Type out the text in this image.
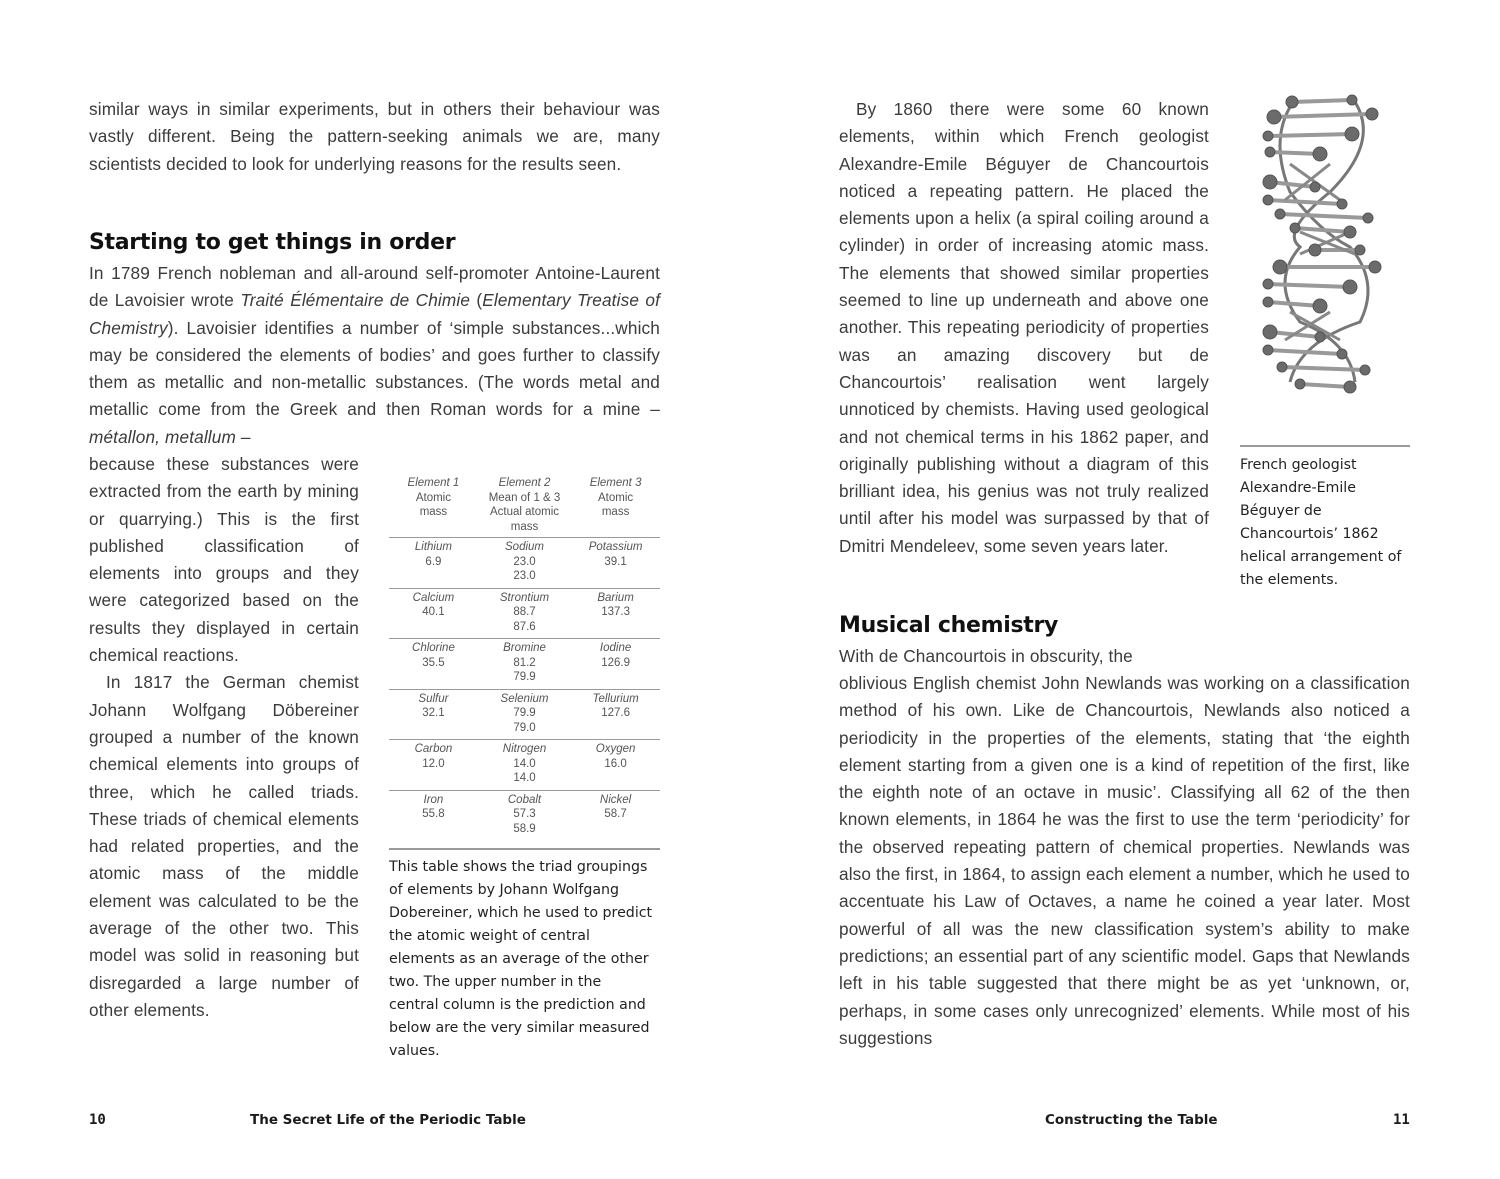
similar ways in similar experiments, but in others their behaviour was vastly different. Being the pattern-seeking animals we are, many scientists decided to look for underlying reasons for the results seen.

Starting to get things in order

In 1789 French nobleman and all-around self-promoter Antoine-Laurent de Lavoisier wrote Traité Élémentaire de Chimie (Elementary Treatise of Chemistry). Lavoisier identifies a number of ‘simple substances...which may be considered the elements of bodies’ and goes further to classify them as metallic and non-metallic substances. (The words metal and metallic come from the Greek and then Roman words for a mine – métallon, metallum –

because these substances were extracted from the earth by mining or quarrying.) This is the first published classification of elements into groups and they were categorized based on the results they displayed in certain chemical reactions.

In 1817 the German chemist Johann Wolfgang Döbereiner grouped a number of the known chemical elements into groups of three, which he called triads. These triads of chemical elements had related properties, and the atomic mass of the middle element was calculated to be the average of the other two. This model was solid in reasoning but disregarded a large number of other elements.

Element 1
Atomic
mass
Element 2
Mean of 1 & 3
Actual atomic
mass
Element 3
Atomic
mass
Lithium
6.9
Sodium
23.0
23.0
Potassium
39.1
Calcium
40.1
Strontium
88.7
87.6
Barium
137.3
Chlorine
35.5
Bromine
81.2
79.9
Iodine
126.9
Sulfur
32.1
Selenium
79.9
79.0
Tellurium
127.6
Carbon
12.0
Nitrogen
14.0
14.0
Oxygen
16.0
Iron
55.8
Cobalt
57.3
58.9
Nickel
58.7
This table shows the triad groupings of elements by Johann Wolfgang Dobereiner, which he used to predict the atomic weight of central elements as an average of the other two. The upper number in the central column is the prediction and below are the very similar measured values.
10	The Secret Life of the Periodic Table

By 1860 there were some 60 known elements, within which French geologist Alexandre-Emile Béguyer de Chancourtois noticed a repeating pattern. He placed the elements upon a helix (a spiral coiling around a cylinder) in order of increasing atomic mass. The elements that showed similar properties seemed to line up underneath and above one another. This repeating periodicity of properties was an amazing discovery but de Chancourtois’ realisation went largely unnoticed by chemists. Having used geological and not chemical terms in his 1862 paper, and originally publishing without a diagram of this brilliant idea, his genius was not truly realized until after his model was surpassed by that of Dmitri Mendeleev, some seven years later.

French geologist Alexandre-Emile Béguyer de Chancourtois’ 1862 helical arrangement of the elements.
Musical chemistry

With de Chancourtois in obscurity, the

oblivious English chemist John Newlands was working on a classification method of his own. Like de Chancourtois, Newlands also noticed a periodicity in the properties of the elements, stating that ‘the eighth element starting from a given one is a kind of repetition of the first, like the eighth note of an octave in music’. Classifying all 62 of the then known elements, in 1864 he was the first to use the term ‘periodicity’ for the observed repeating pattern of chemical properties. Newlands was also the first, in 1864, to assign each element a number, which he used to accentuate his Law of Octaves, a name he coined a year later. Most powerful of all was the new classification system’s ability to make predictions; an essential part of any scientific model. Gaps that Newlands left in his table suggested that there might be as yet ‘unknown, or, perhaps, in some cases only unrecognized’ elements. While most of his suggestions

Constructing the Table	11
